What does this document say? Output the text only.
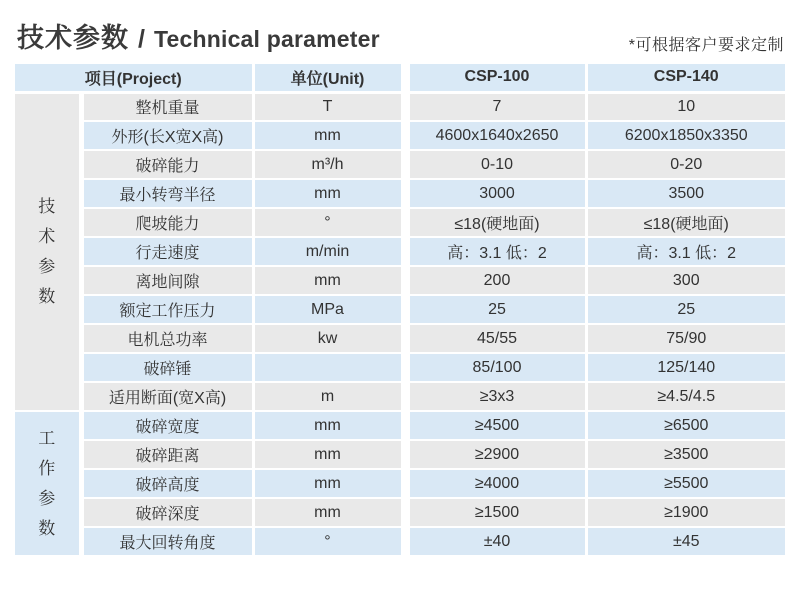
技术参数 / Technical parameter	*可根据客户要求定制
项目(Project)		单位(Unit)	CSP-100	CSP-140

技
术
参
数	整机重量	T	7	10
	外形(长X宽X高)	mm	4600x1640x2650	6200x1850x3350
	破碎能力	m³/h	0-10	0-20
	最小转弯半径	mm	3000	3500
	爬坡能力	°	≤18(硬地面)	≤18(硬地面)
	行走速度	m/min	高：3.1 低：2	高：3.1 低：2
	离地间隙	mm	200	300
	额定工作压力	MPa	25	25
	电机总功率	kw	45/55	75/90
	破碎锤		85/100	125/140
	适用断面(宽X高)	m	≥3x3	≥4.5/4.5

工
作
参
数	破碎宽度	mm	≥4500	≥6500
	破碎距离	mm	≥2900	≥3500
	破碎高度	mm	≥4000	≥5500
	破碎深度	mm	≥1500	≥1900
	最大回转角度	°	±40	±45
